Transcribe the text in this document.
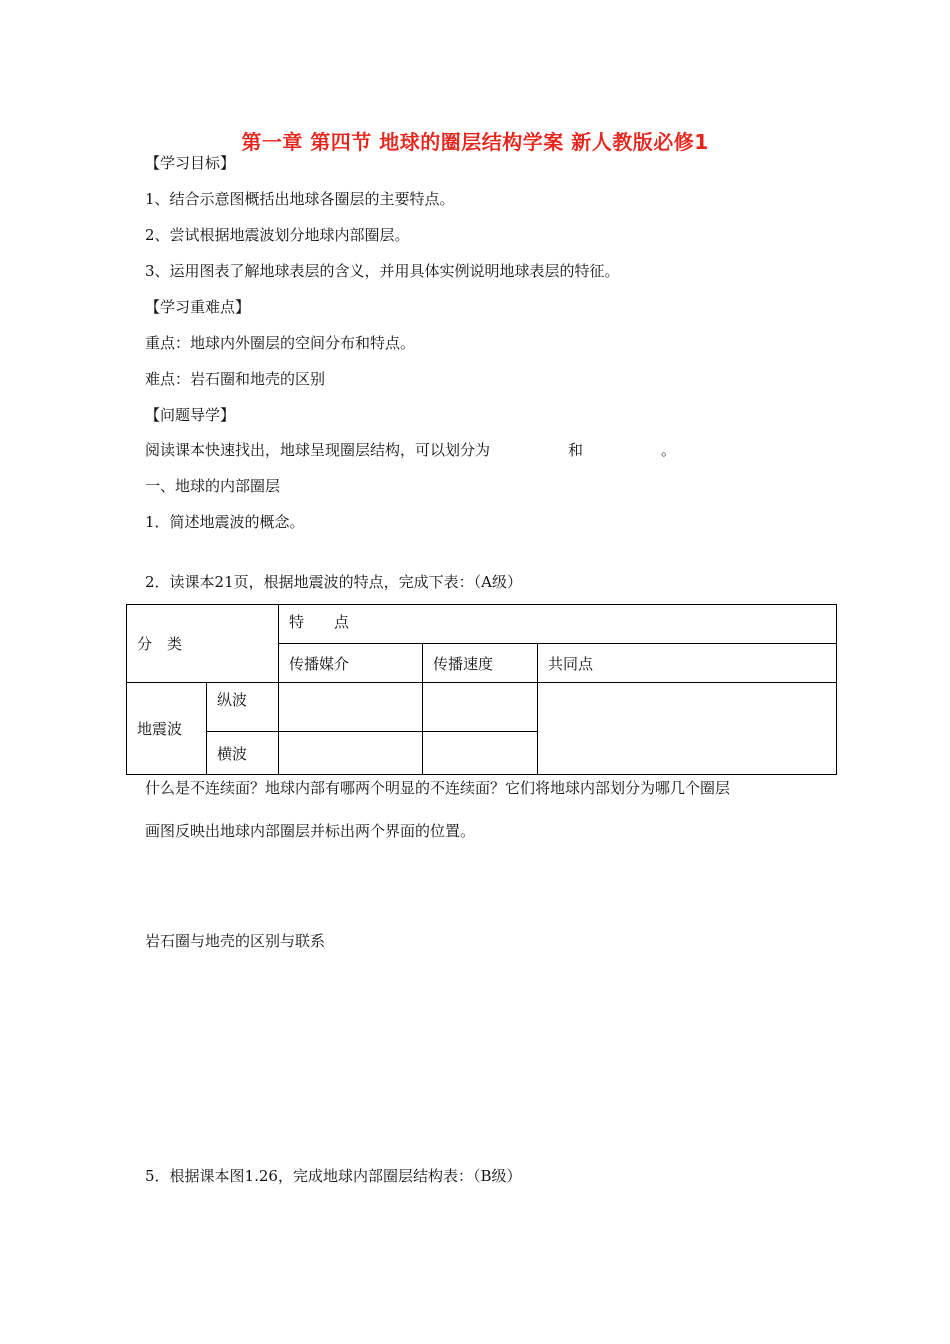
第一章 第四节 地球的圈层结构学案 新人教版必修1
【学习目标】
1、结合示意图概括出地球各圈层的主要特点。
2、尝试根据地震波划分地球内部圈层。
3、运用图表了解地球表层的含义，并用具体实例说明地球表层的特征。
【学习重难点】
重点：地球内外圈层的空间分布和特点。
难点：岩石圈和地壳的区别
【问题导学】
阅读课本快速找出，地球呈现圈层结构，可以划分为	和	。
一、地球的内部圈层
1．简述地震波的概念。
2．读课本21页，根据地震波的特点，完成下表：（A级）
分　类		特　　点		
		传播媒介	传播速度	共同点
地震波	纵波			
	横波			
什么是不连续面？地球内部有哪两个明显的不连续面？它们将地球内部划分为哪几个圈层
画图反映出地球内部圈层并标出两个界面的位置。
岩石圈与地壳的区别与联系
5．根据课本图1.26，完成地球内部圈层结构表：（B级）
